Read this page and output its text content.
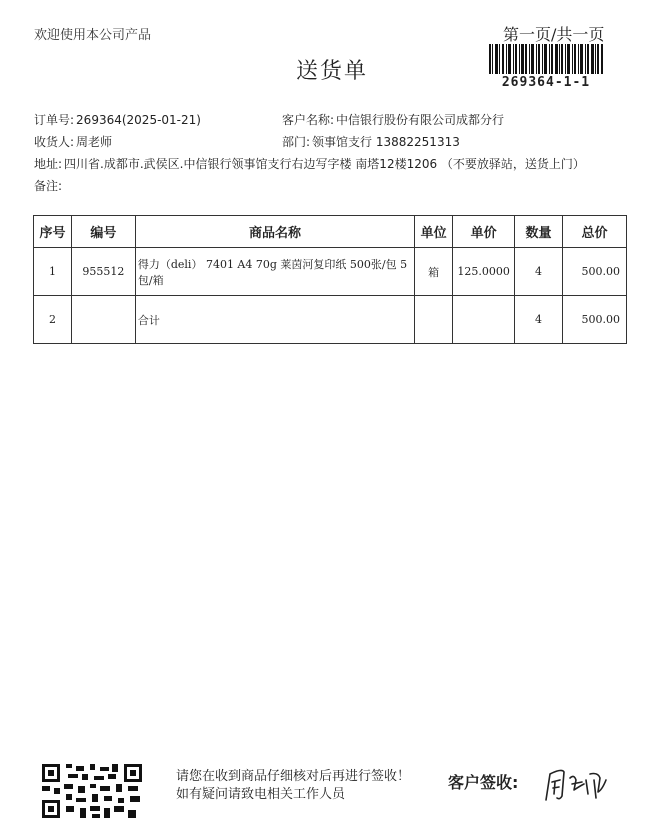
欢迎使用本公司产品	第一页/共一页
送货单	269364-1-1
订单号: 269364(2025-01-21)
收货人: 周老师
地址: 四川省.成都市.武侯区.中信银行领事馆支行右边写字楼 南塔12楼1206 （不要放驿站，送货上门）
备注:
客户名称: 中信银行股份有限公司成都分行
部门: 领事馆支行 13882251313
序号	编号	商品名称	单位	单价	数量	总价
1	955512	得力（deli） 7401 A4 70g 莱茵河复印纸 500张/包 5包/箱	箱	125.0000	4	500.00
2		合计			4	500.00
请您在收到商品仔细核对后再进行签收！如有疑问请致电相关工作人员
客户签收:
